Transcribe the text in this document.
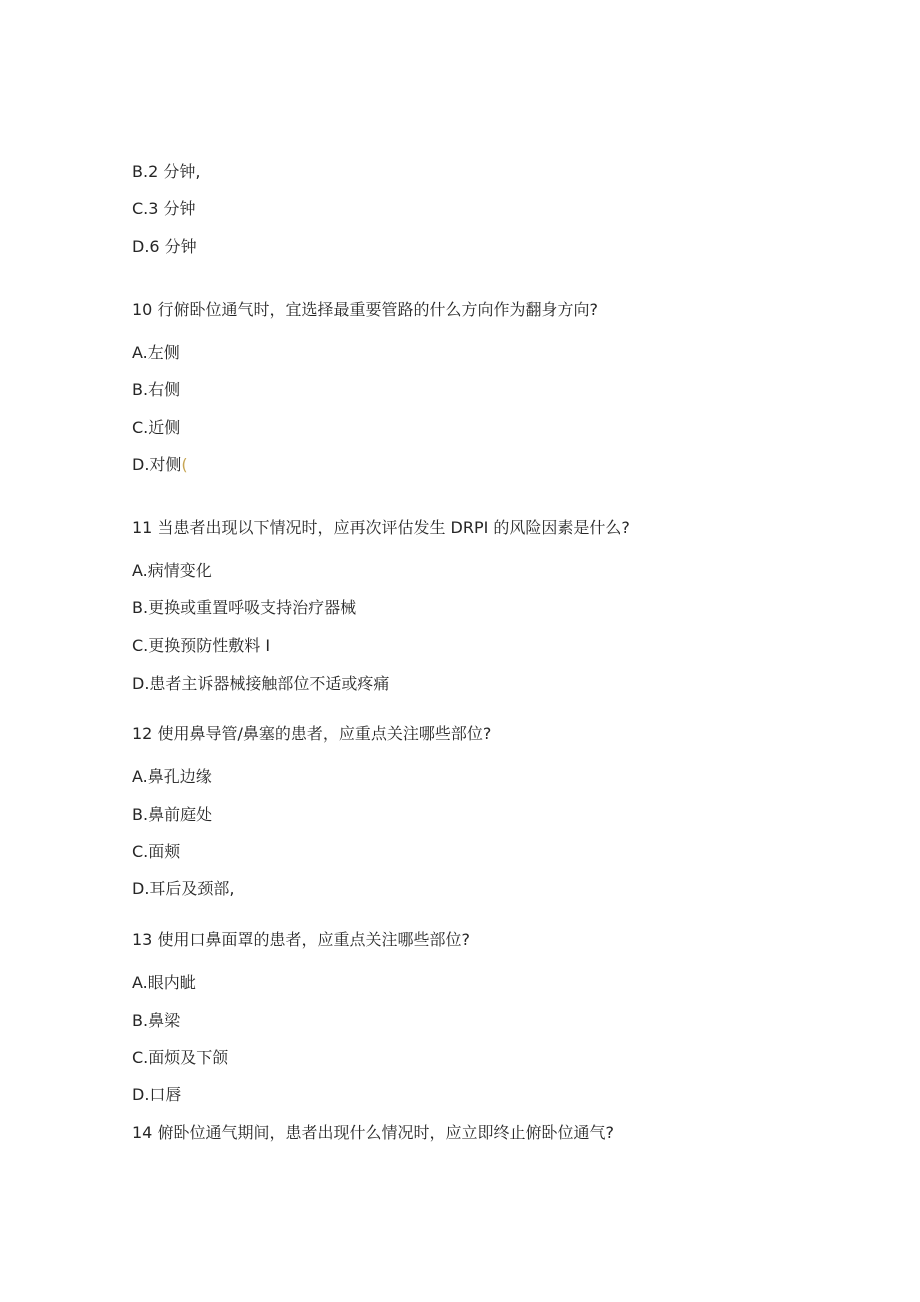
B.2 分钟,
C.3 分钟
D.6 分钟
10 行俯卧位通气时，宜选择最重要管路的什么方向作为翻身方向?
A.左侧
B.右侧
C.近侧
D.对侧(
11 当患者出现以下情况时，应再次评估发生 DRPI 的风险因素是什么?
A.病情变化
B.更换或重置呼吸支持治疗器械
C.更换预防性敷料 I
D.患者主诉器械接触部位不适或疼痛
12 使用鼻导管/鼻塞的患者，应重点关注哪些部位?
A.鼻孔边缘
B.鼻前庭处
C.面颊
D.耳后及颈部,
13 使用口鼻面罩的患者，应重点关注哪些部位?
A.眼内眦
B.鼻梁
C.面烦及下颌
D.口唇
14 俯卧位通气期间，患者出现什么情况时，应立即终止俯卧位通气?
